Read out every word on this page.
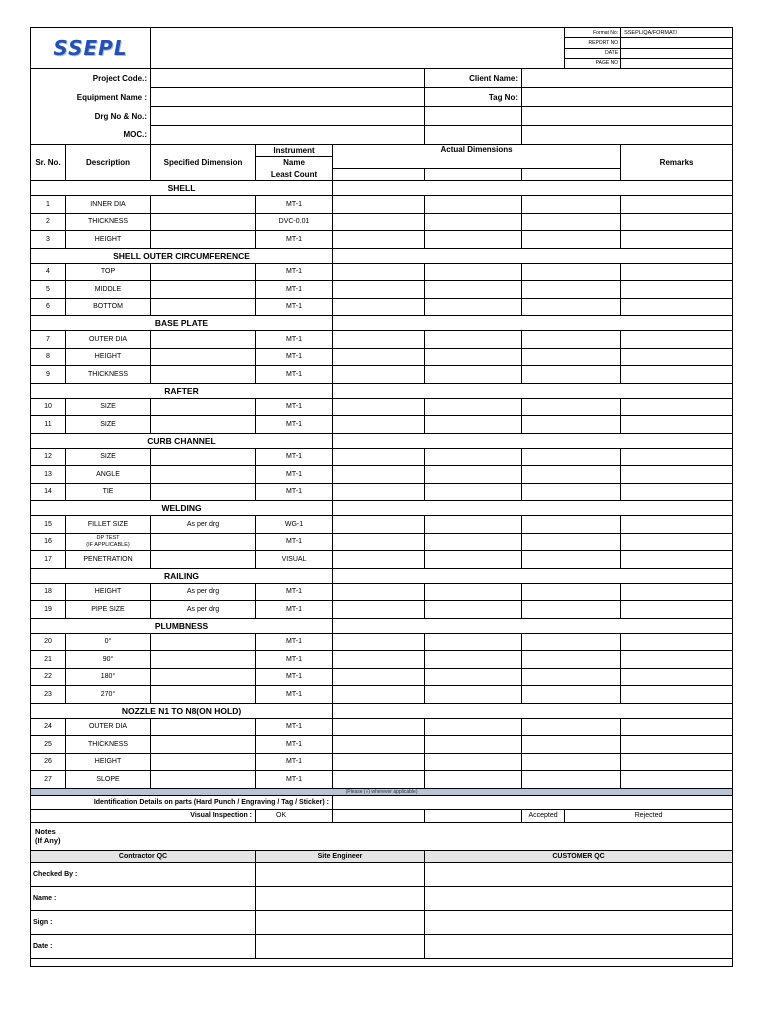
SSEPL							Format No:	SSEPL/QA/FORMAT/
							REPORT NO	
							DATE	
							PAGE NO	
Project Code.:					Client Name:			
Equipment Name :					Tag No:			
Drg No & No.:								
MOC.:								
Sr. No.	Description	Specified Dimension	Instrument	Actual Dimensions				Remarks
			Name					
			Least Count					
SHELL								
1	INNER DIA		MT-1					
2	THICKNESS		DVC-0.01					
3	HEIGHT		MT-1					
SHELL OUTER CIRCUMFERENCE								
4	TOP		MT-1					
5	MIDDLE		MT-1					
6	BOTTOM		MT-1					
BASE PLATE								
7	OUTER DIA		MT-1					
8	HEIGHT		MT-1					
9	THICKNESS		MT-1					
RAFTER								
10	SIZE		MT-1					
11	SIZE		MT-1					
CURB CHANNEL								
12	SIZE		MT-1					
13	ANGLE		MT-1					
14	TIE		MT-1					
WELDING								
15	FILLET SIZE	As per drg	WG-1					
16	DP TEST
(IF APPLICABLE)		MT-1					
17	PENETRATION		VISUAL					
RAILING								
18	HEIGHT	As per drg	MT-1					
19	PIPE SIZE	As per drg	MT-1					
PLUMBNESS								
20	0°		MT-1					
21	90°		MT-1					
22	180°		MT-1					
23	270°		MT-1					
NOZZLE N1 TO N8(ON HOLD)								
24	OUTER DIA		MT-1					
25	THICKNESS		MT-1					
26	HEIGHT		MT-1					
27	SLOPE		MT-1					
(Please (√) wherever applicable)								
Identification Details on parts (Hard Punch / Engraving / Tag / Sticker) :								
Visual Inspection :			OK			Accepted	Rejected	
Notes
(If Any)								
Contractor QC			Site Engineer		CUSTOMER QC			
Checked By :								
Name :								
Sign :								
Date :								
